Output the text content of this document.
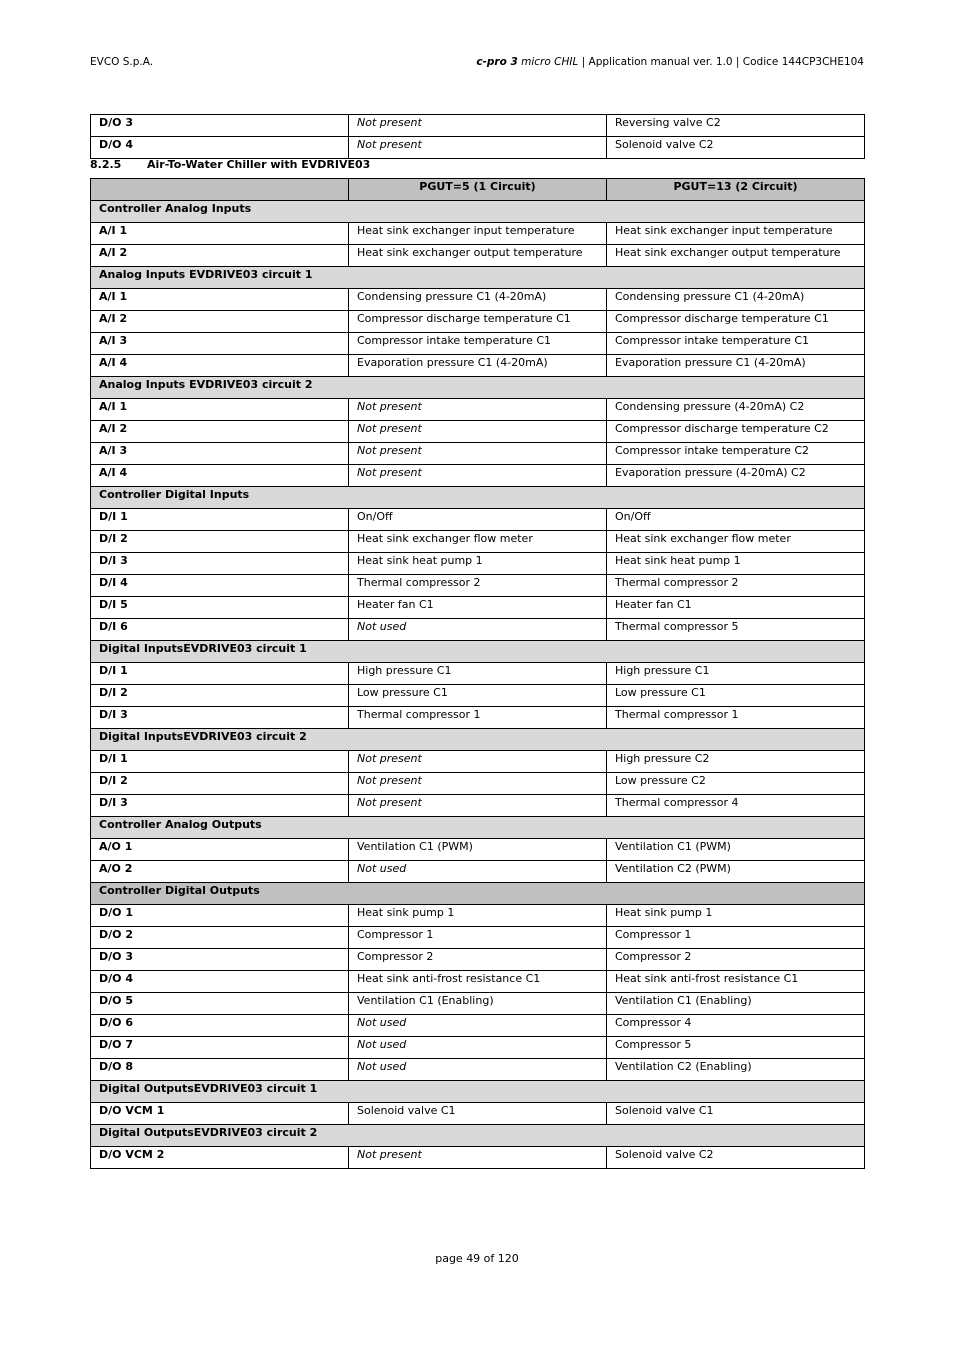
EVCO S.p.A.	c-pro 3 micro CHIL | Application manual ver. 1.0 | Codice 144CP3CHE104
D/O 3	Not present	Reversing valve C2
D/O 4	Not present	Solenoid valve C2
8.2.5 Air-To-Water Chiller with EVDRIVE03
	PGUT=5 (1 Circuit)	PGUT=13 (2 Circuit)
Controller Analog Inputs		
A/I 1	Heat sink exchanger input temperature	Heat sink exchanger input temperature
A/I 2	Heat sink exchanger output temperature	Heat sink exchanger output temperature
Analog Inputs EVDRIVE03 circuit 1		
A/I 1	Condensing pressure C1 (4-20mA)	Condensing pressure C1 (4-20mA)
A/I 2	Compressor discharge temperature C1	Compressor discharge temperature C1
A/I 3	Compressor intake temperature C1	Compressor intake temperature C1
A/I 4	Evaporation pressure C1 (4-20mA)	Evaporation pressure C1 (4-20mA)
Analog Inputs EVDRIVE03 circuit 2		
A/I 1	Not present	Condensing pressure (4-20mA) C2
A/I 2	Not present	Compressor discharge temperature C2
A/I 3	Not present	Compressor intake temperature C2
A/I 4	Not present	Evaporation pressure (4-20mA) C2
Controller Digital Inputs		
D/I 1	On/Off	On/Off
D/I 2	Heat sink exchanger flow meter	Heat sink exchanger flow meter
D/I 3	Heat sink heat pump 1	Heat sink heat pump 1
D/I 4	Thermal compressor 2	Thermal compressor 2
D/I 5	Heater fan C1	Heater fan C1
D/I 6	Not used	Thermal compressor 5
Digital InputsEVDRIVE03 circuit 1		
D/I 1	High pressure C1	High pressure C1
D/I 2	Low pressure C1	Low pressure C1
D/I 3	Thermal compressor 1	Thermal compressor 1
Digital InputsEVDRIVE03 circuit 2		
D/I 1	Not present	High pressure C2
D/I 2	Not present	Low pressure C2
D/I 3	Not present	Thermal compressor 4
Controller Analog Outputs		
A/O 1	Ventilation C1 (PWM)	Ventilation C1 (PWM)
A/O 2	Not used	Ventilation C2 (PWM)
Controller Digital Outputs		
D/O 1	Heat sink pump 1	Heat sink pump 1
D/O 2	Compressor 1	Compressor 1
D/O 3	Compressor 2	Compressor 2
D/O 4	Heat sink anti-frost resistance C1	Heat sink anti-frost resistance C1
D/O 5	Ventilation C1 (Enabling)	Ventilation C1 (Enabling)
D/O 6	Not used	Compressor 4
D/O 7	Not used	Compressor 5
D/O 8	Not used	Ventilation C2 (Enabling)
Digital OutputsEVDRIVE03 circuit 1		
D/O VCM 1	Solenoid valve C1	Solenoid valve C1
Digital OutputsEVDRIVE03 circuit 2		
D/O VCM 2	Not present	Solenoid valve C2
page 49 of 120
